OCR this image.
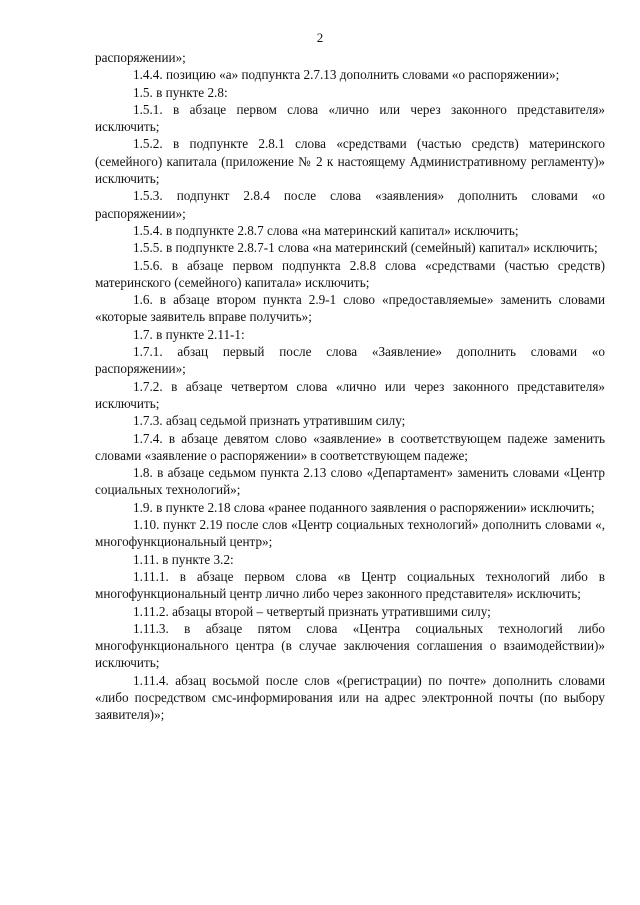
2

распоряжении»;

1.4.4. позицию «а» подпункта 2.7.13 дополнить словами «о распоряжении»;

1.5. в пункте 2.8:

1.5.1. в абзаце первом слова «лично или через законного представителя» исключить;

1.5.2. в подпункте 2.8.1 слова «средствами (частью средств) материнского (семейного) капитала (приложение № 2 к настоящему Административному регламенту)» исключить;

1.5.3. подпункт 2.8.4 после слова «заявления» дополнить словами «о распоряжении»;

1.5.4. в подпункте 2.8.7 слова «на материнский капитал» исключить;

1.5.5. в подпункте 2.8.7-1 слова «на материнский (семейный) капитал» исключить;

1.5.6. в абзаце первом подпункта 2.8.8 слова «средствами (частью средств) материнского (семейного) капитала» исключить;

1.6. в абзаце втором пункта 2.9-1 слово «предоставляемые» заменить словами «которые заявитель вправе получить»;

1.7. в пункте 2.11-1:

1.7.1. абзац первый после слова «Заявление» дополнить словами «о распоряжении»;

1.7.2. в абзаце четвертом слова «лично или через законного представителя» исключить;

1.7.3. абзац седьмой признать утратившим силу;

1.7.4. в абзаце девятом слово «заявление» в соответствующем падеже заменить словами «заявление о распоряжении» в соответствующем падеже;

1.8. в абзаце седьмом пункта 2.13 слово «Департамент» заменить словами «Центр социальных технологий»;

1.9. в пункте 2.18 слова «ранее поданного заявления о распоряжении» исключить;

1.10. пункт 2.19 после слов «Центр социальных технологий» дополнить словами «, многофункциональный центр»;

1.11. в пункте 3.2:

1.11.1. в абзаце первом слова «в Центр социальных технологий либо в многофункциональный центр лично либо через законного представителя» исключить;

1.11.2. абзацы второй – четвертый признать утратившими силу;

1.11.3. в абзаце пятом слова «Центра социальных технологий либо многофункционального центра (в случае заключения соглашения о взаимодействии)» исключить;

1.11.4. абзац восьмой после слов «(регистрации) по почте» дополнить словами «либо посредством смс-информирования или на адрес электронной почты (по выбору заявителя)»;
